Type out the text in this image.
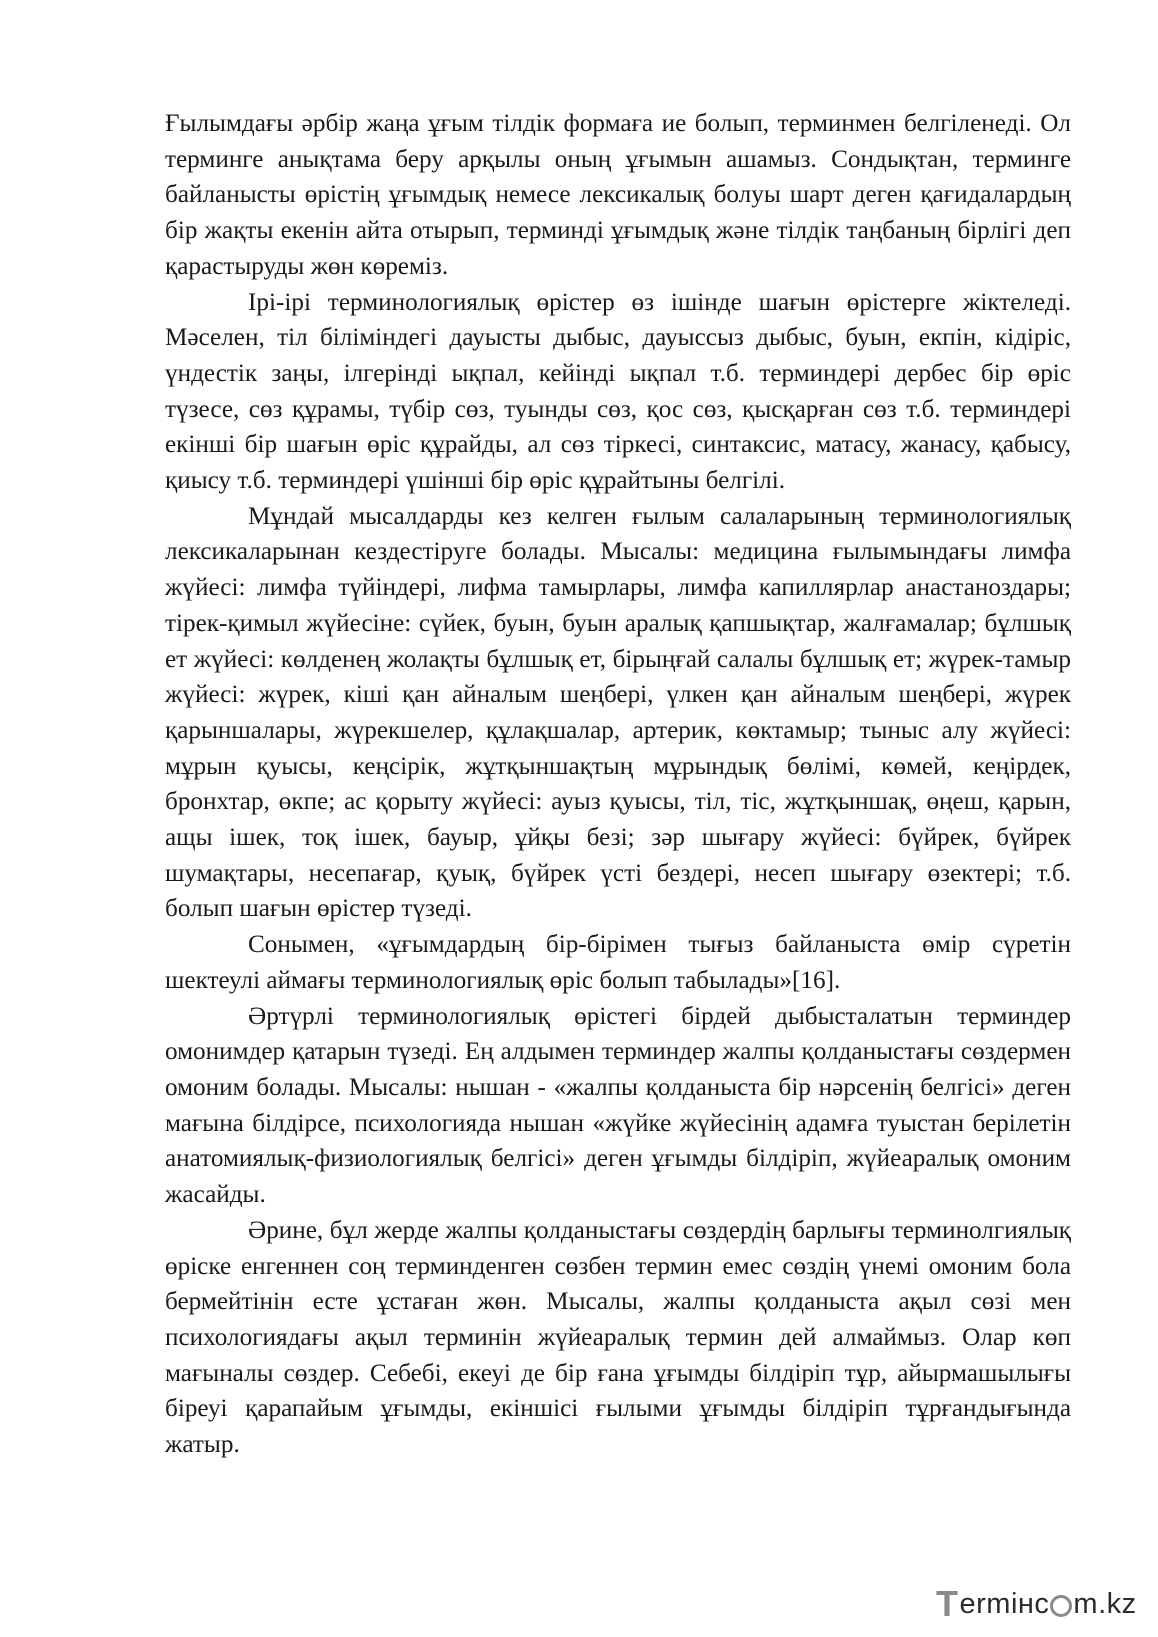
Ғылымдағы әрбір жаңа ұғым тілдік формаға ие болып, терминмен белгіленеді. Ол терминге анықтама беру арқылы оның ұғымын ашамыз. Сондықтан, терминге байланысты өрістің ұғымдық немесе лексикалық болуы шарт деген қағидалардың бір жақты екенін айта отырып, терминді ұғымдық және тілдік таңбаның бірлігі деп қарастыруды жөн көреміз.

Ірі-ірі терминологиялық өрістер өз ішінде шағын өрістерге жіктеледі. Мәселен, тіл біліміндегі дауысты дыбыс, дауыссыз дыбыс, буын, екпін, кідіріс, үндестік заңы, ілгерінді ықпал, кейінді ықпал т.б. терминдері дербес бір өріс түзесе, сөз құрамы, түбір сөз, туынды сөз, қос сөз, қысқарған сөз т.б. терминдері екінші бір шағын өріс құрайды, ал сөз тіркесі, синтаксис, матасу, жанасу, қабысу, қиысу т.б. терминдері үшінші бір өріс құрайтыны белгілі.

Мұндай мысалдарды кез келген ғылым салаларының терминологиялық лексикаларынан кездестіруге болады. Мысалы: медицина ғылымындағы лимфа жүйесі: лимфа түйіндері, лифма тамырлары, лимфа капиллярлар анастанoздары; тірек-қимыл жүйесіне: сүйек, буын, буын аралық қапшықтар, жалғамалар; бұлшық ет жүйесі: көлденең жолақты бұлшық ет, бірыңғай салалы бұлшық ет; жүрек-тамыр жүйесі: жүрек, кіші қан айналым шеңбері, үлкен қан айналым шеңбері, жүрек қарыншалары, жүрекшелер, құлақшалар, артерик, көктамыр; тыныс алу жүйесі: мұрын қуысы, кеңсірік, жұтқыншақтың мұрындық бөлімі, көмей, кеңірдек, бронхтар, өкпе; ас қорыту жүйесі: ауыз қуысы, тіл, тіс, жұтқыншақ, өңеш, қарын, ащы ішек, тоқ ішек, бауыр, ұйқы безі; зәр шығару жүйесі: бүйрек, бүйрек шумақтары, несепағар, қуық, бүйрек үсті бездері, несеп шығару өзектері; т.б. болып шағын өрістер түзеді.

Сонымен, «ұғымдардың бір-бірімен тығыз байланыста өмір сүретін шектеулі аймағы терминологиялық өріс болып табылады»[16].

Әртүрлі терминологиялық өрістегі бірдей дыбысталатын терминдер омонимдер қатарын түзеді. Ең алдымен терминдер жалпы қолданыстағы сөздермен омоним болады. Мысалы: нышан - «жалпы қолданыста бір нәрсенің белгісі» деген мағына білдірсе, психологияда нышан «жүйке жүйесінің адамға туыстан берілетін анатомиялық-физиологиялық белгісі» деген ұғымды білдіріп, жүйеаралық омоним жасайды.

Әрине, бұл жерде жалпы қолданыстағы сөздердің барлығы терминолгиялық өріске енгеннен соң терминденген сөзбен термин емес сөздің үнемі омоним бола бермейтінін есте ұстаған жөн. Мысалы, жалпы қолданыста ақыл сөзі мен психологиядағы ақыл терминін жүйеаралық термин дей алмаймыз. Олар көп мағыналы сөздер. Себебі, екеуі де бір ғана ұғымды білдіріп тұр, айырмашылығы біреуі қарапайым ұғымды, екіншісі ғылыми ұғымды білдіріп тұрғандығында жатыр.

T ermінc m.kz
